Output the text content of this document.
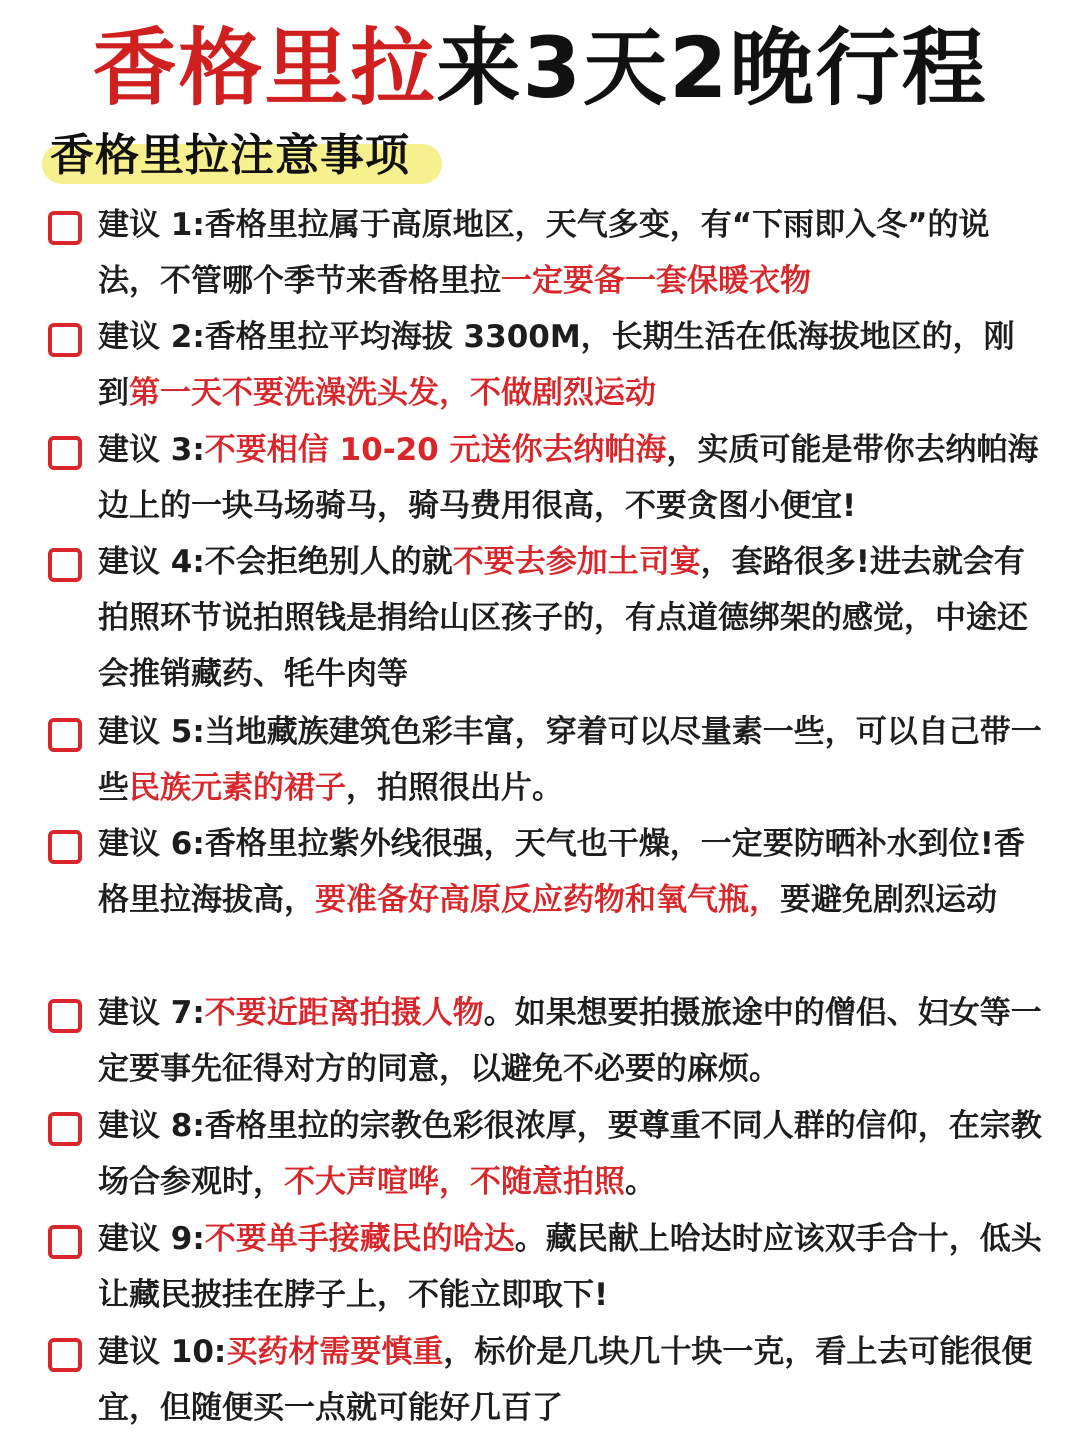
香格里拉来3天2晚行程
香格里拉注意事项
建议 1:香格里拉属于高原地区，天气多变，有“下雨即入冬”的说法，不管哪个季节来香格里拉一定要备一套保暖衣物
建议 2:香格里拉平均海拔 3300M，长期生活在低海拔地区的，刚到第一天不要洗澡洗头发，不做剧烈运动
建议 3:不要相信 10-20 元送你去纳帕海，实质可能是带你去纳帕海边上的一块马场骑马，骑马费用很高，不要贪图小便宜!
建议 4:不会拒绝别人的就不要去参加土司宴，套路很多!进去就会有拍照环节说拍照钱是捐给山区孩子的，有点道德绑架的感觉，中途还会推销藏药、牦牛肉等
建议 5:当地藏族建筑色彩丰富，穿着可以尽量素一些，可以自己带一些民族元素的裙子，拍照很出片。
建议 6:香格里拉紫外线很强，天气也干燥，一定要防晒补水到位!香格里拉海拔高，要准备好高原反应药物和氧气瓶，要避免剧烈运动
建议 7:不要近距离拍摄人物。如果想要拍摄旅途中的僧侣、妇女等一定要事先征得对方的同意，以避免不必要的麻烦。
建议 8:香格里拉的宗教色彩很浓厚，要尊重不同人群的信仰，在宗教场合参观时，不大声喧哗，不随意拍照。
建议 9:不要单手接藏民的哈达。藏民献上哈达时应该双手合十，低头让藏民披挂在脖子上，不能立即取下!
建议 10:买药材需要慎重，标价是几块几十块一克，看上去可能很便宜，但随便买一点就可能好几百了
